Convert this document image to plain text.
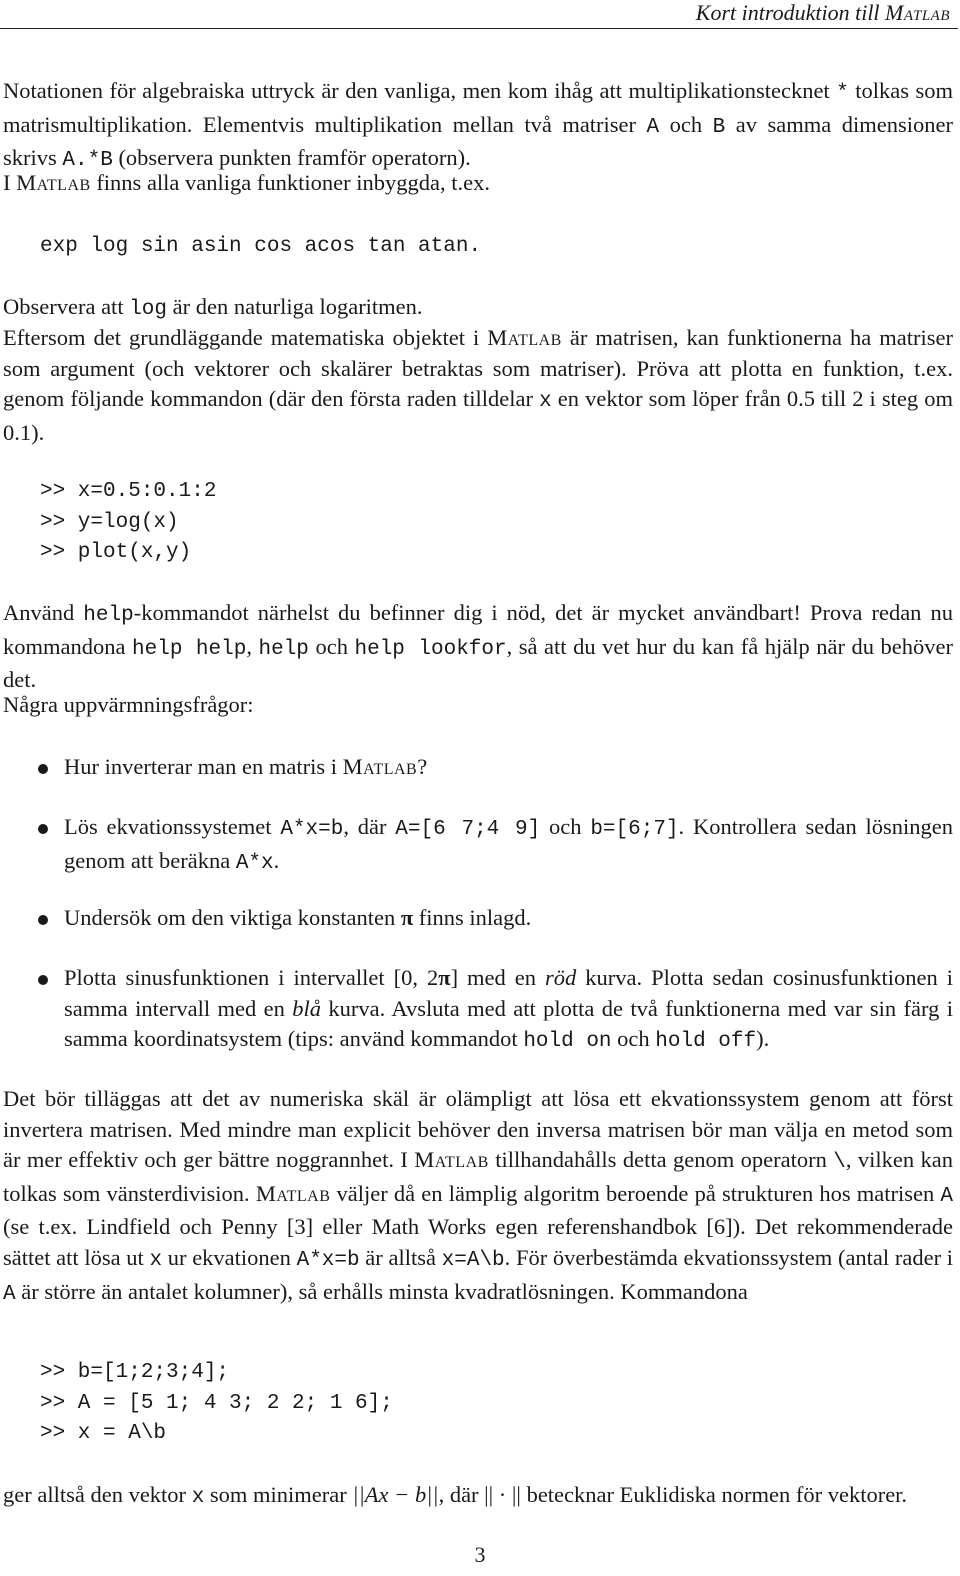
Kort introduktion till Matlab

Notationen för algebraiska uttryck är den vanliga, men kom ihåg att multiplikationstecknet * tolkas som matrismultiplikation. Elementvis multiplikation mellan två matriser A och B av samma dimensioner skrivs A.*B (observera punkten framför operatorn).

I Matlab finns alla vanliga funktioner inbyggda, t.ex.

exp log sin asin cos acos tan atan.

Observera att log är den naturliga logaritmen.

Eftersom det grundläggande matematiska objektet i Matlab är matrisen, kan funktionerna ha matriser som argument (och vektorer och skalärer betraktas som matriser). Pröva att plotta en funktion, t.ex. genom följande kommandon (där den första raden tilldelar x en vektor som löper från 0.5 till 2 i steg om 0.1).

>> x=0.5:0.1:2
>> y=log(x)
>> plot(x,y)

Använd help-kommandot närhelst du befinner dig i nöd, det är mycket användbart! Prova redan nu kommandona help help, help och help lookfor, så att du vet hur du kan få hjälp när du behöver det.

Några uppvärmningsfrågor:

Hur inverterar man en matris i Matlab?

Lös ekvationssystemet A*x=b, där A=[6 7;4 9] och b=[6;7]. Kontrollera sedan lösningen genom att beräkna A*x.

Undersök om den viktiga konstanten π finns inlagd.

Plotta sinusfunktionen i intervallet [0, 2π] med en röd kurva. Plotta sedan cosinusfunktionen i samma intervall med en blå kurva. Avsluta med att plotta de två funktionerna med var sin färg i samma koordinatsystem (tips: använd kommandot hold on och hold off).

Det bör tilläggas att det av numeriska skäl är olämpligt att lösa ett ekvationssystem genom att först invertera matrisen. Med mindre man explicit behöver den inversa matrisen bör man välja en metod som är mer effektiv och ger bättre noggrannhet. I Matlab tillhandahålls detta genom operatorn \, vilken kan tolkas som vänsterdivision. Matlab väljer då en lämplig algoritm beroende på strukturen hos matrisen A (se t.ex. Lindfield och Penny [3] eller Math Works egen referenshandbok [6]). Det rekommenderade sättet att lösa ut x ur ekvationen A*x=b är alltså x=A\b. För överbestämda ekvationssystem (antal rader i A är större än antalet kolumner), så erhålls minsta kvadratlösningen. Kommandona

>> b=[1;2;3;4];
>> A = [5 1; 4 3; 2 2; 1 6];
>> x = A\b

ger alltså den vektor x som minimerar ||Ax − b||, där || · || betecknar Euklidiska normen för vektorer.

3
